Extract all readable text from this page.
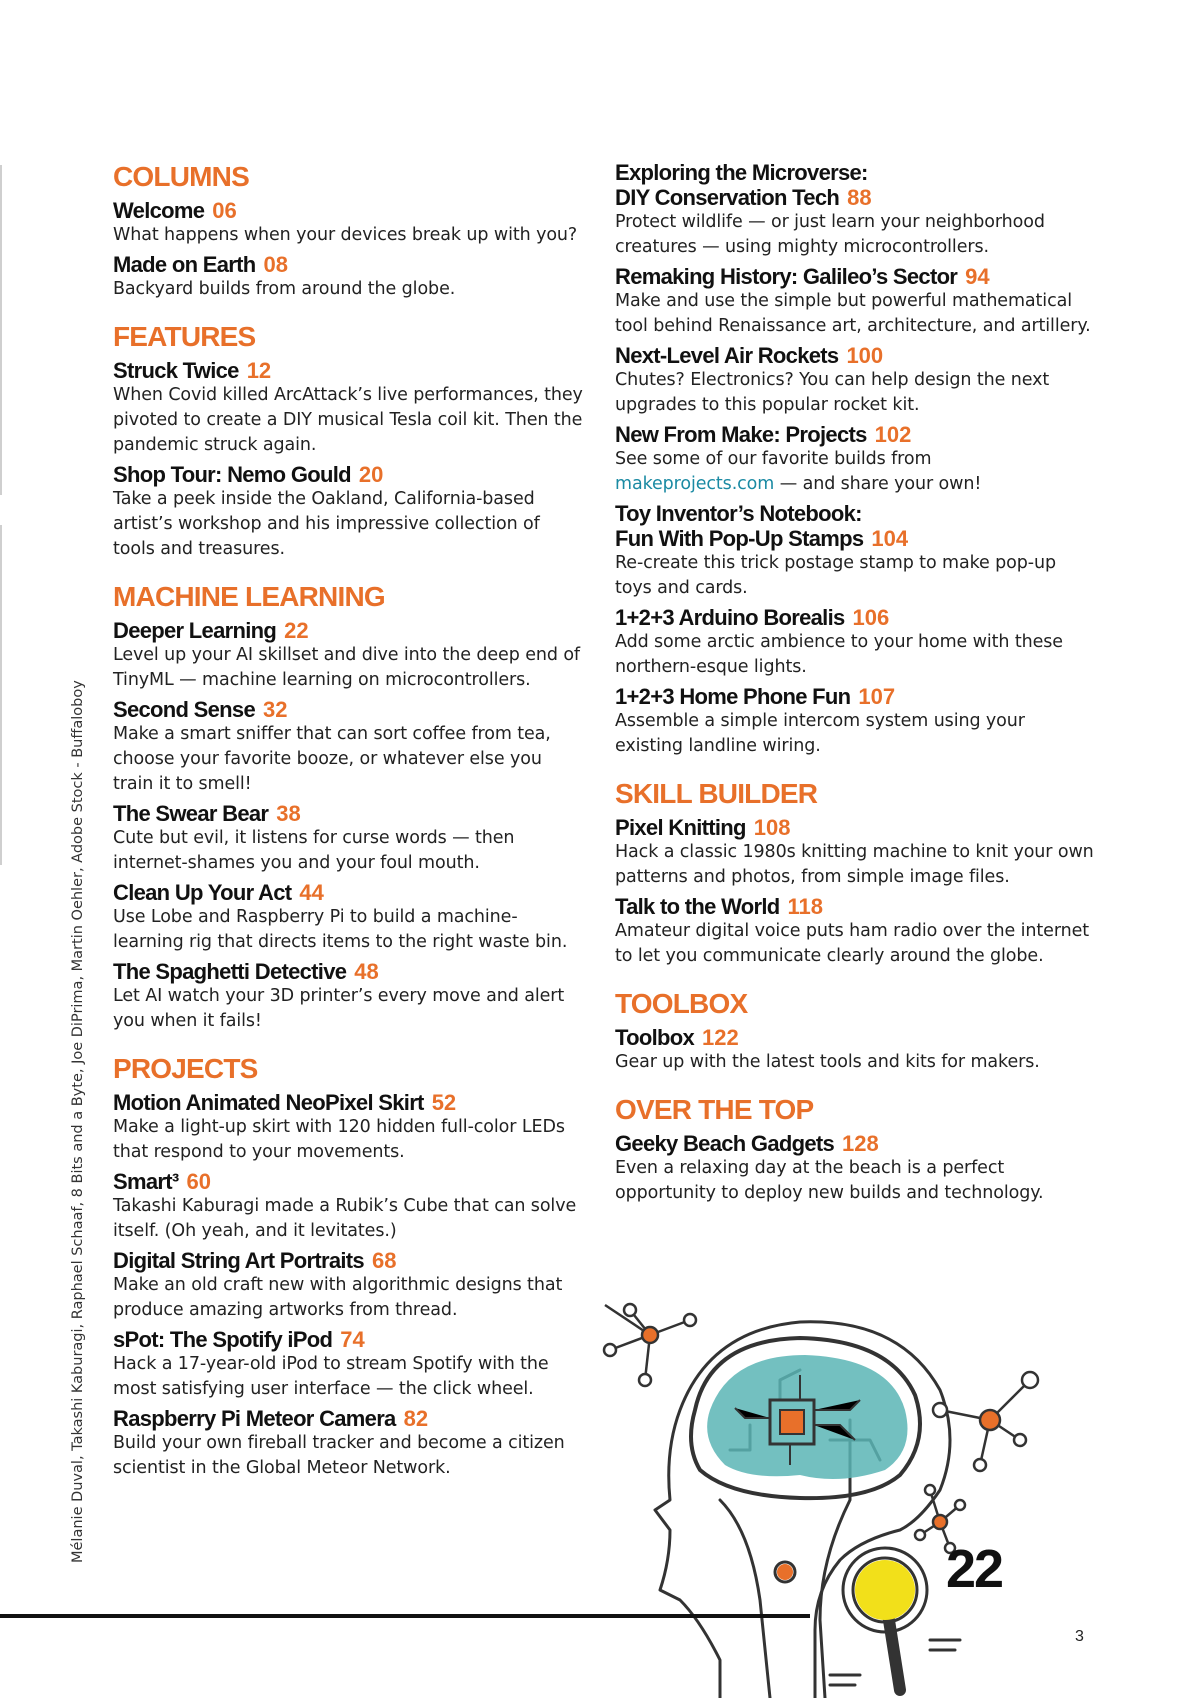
Mélanie Duval, Takashi Kaburagi, Raphael Schaaf, 8 Bits and a Byte, Joe DiPrima, Martin Oehler, Adobe Stock - Buffaloboy
COLUMNS
Welcome 06
What happens when your devices break up with you?
Made on Earth 08
Backyard builds from around the globe.
FEATURES
Struck Twice 12
When Covid killed ArcAttack’s live performances, they pivoted to create a DIY musical Tesla coil kit. Then the pandemic struck again.
Shop Tour: Nemo Gould 20
Take a peek inside the Oakland, California-based artist’s workshop and his impressive collection of tools and treasures.
MACHINE LEARNING
Deeper Learning 22
Level up your AI skillset and dive into the deep end of TinyML — machine learning on microcontrollers.
Second Sense 32
Make a smart sniffer that can sort coffee from tea, choose your favorite booze, or whatever else you train it to smell!
The Swear Bear 38
Cute but evil, it listens for curse words — then internet-shames you and your foul mouth.
Clean Up Your Act 44
Use Lobe and Raspberry Pi to build a machine-learning rig that directs items to the right waste bin.
The Spaghetti Detective 48
Let AI watch your 3D printer’s every move and alert you when it fails!
PROJECTS
Motion Animated NeoPixel Skirt 52
Make a light-up skirt with 120 hidden full-color LEDs that respond to your movements.
Smart³ 60
Takashi Kaburagi made a Rubik’s Cube that can solve itself. (Oh yeah, and it levitates.)
Digital String Art Portraits 68
Make an old craft new with algorithmic designs that produce amazing artworks from thread.
sPot: The Spotify iPod 74
Hack a 17-year-old iPod to stream Spotify with the most satisfying user interface — the click wheel.
Raspberry Pi Meteor Camera 82
Build your own fireball tracker and become a citizen scientist in the Global Meteor Network.
Exploring the Microverse:
DIY Conservation Tech 88
Protect wildlife — or just learn your neighborhood creatures — using mighty microcontrollers.
Remaking History: Galileo’s Sector 94
Make and use the simple but powerful mathematical tool behind Renaissance art, architecture, and artillery.
Next-Level Air Rockets 100
Chutes? Electronics? You can help design the next upgrades to this popular rocket kit.
New From Make: Projects 102
See some of our favorite builds from makeprojects.com — and share your own!
Toy Inventor’s Notebook:
Fun With Pop-Up Stamps 104
Re-create this trick postage stamp to make pop-up toys and cards.
1+2+3 Arduino Borealis 106
Add some arctic ambience to your home with these northern-esque lights.
1+2+3 Home Phone Fun 107
Assemble a simple intercom system using your existing landline wiring.
SKILL BUILDER
Pixel Knitting 108
Hack a classic 1980s knitting machine to knit your own patterns and photos, from simple image files.
Talk to the World 118
Amateur digital voice puts ham radio over the internet to let you communicate clearly around the globe.
TOOLBOX
Toolbox 122
Gear up with the latest tools and kits for makers.
OVER THE TOP
Geeky Beach Gadgets 128
Even a relaxing day at the beach is a perfect opportunity to deploy new builds and technology.
22
3
